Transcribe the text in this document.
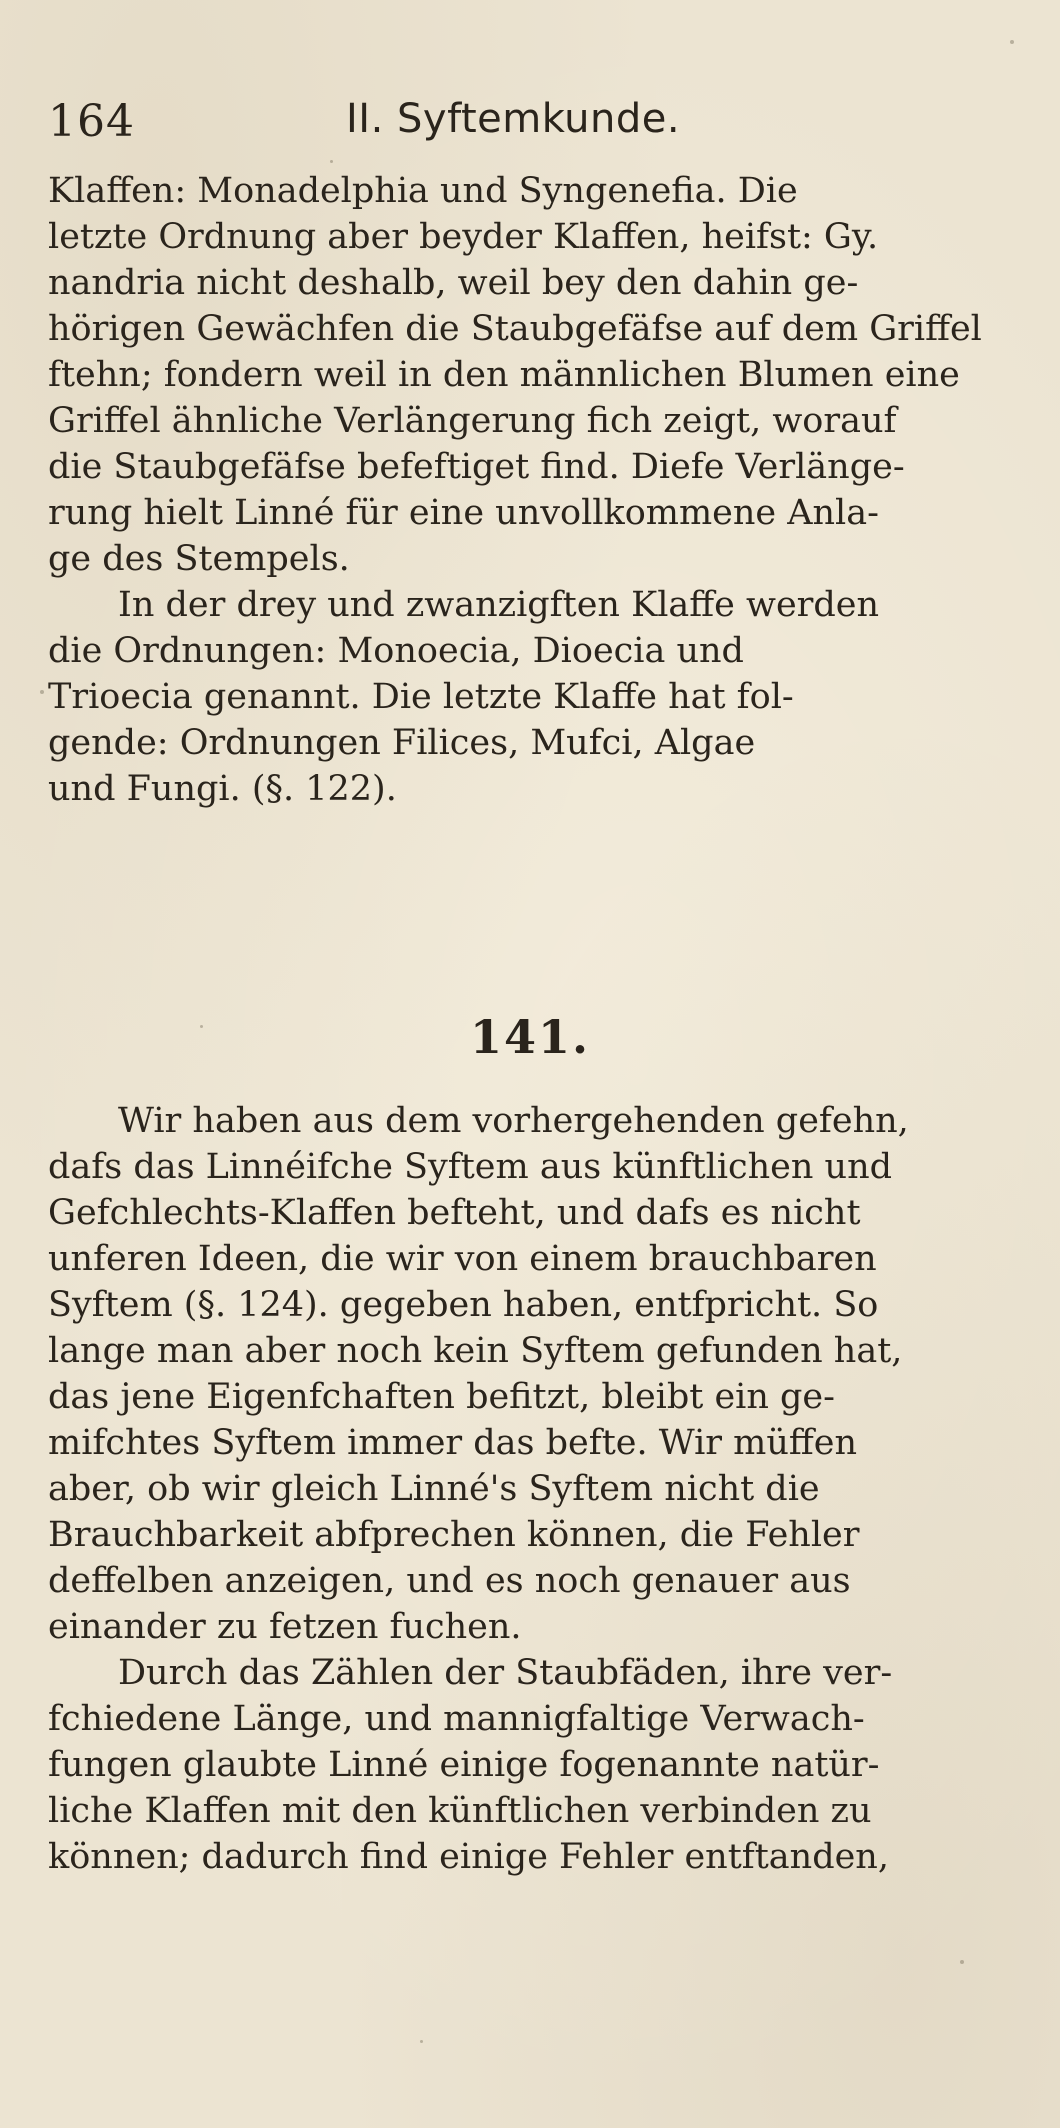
164	II. Syftemkunde.
Klaffen: Monadelphia und Syngenefia. Die
letzte Ordnung aber beyder Klaffen, heifst: Gy.
nandria nicht deshalb, weil bey den dahin ge-
hörigen Gewächfen die Staubgefäfse auf dem Griffel
ftehn; fondern weil in den männlichen Blumen eine
Griffel ähnliche Verlängerung fich zeigt, worauf
die Staubgefäfse befeftiget find. Diefe Verlänge-
rung hielt Linné für eine unvollkommene Anla-
ge des Stempels.
In der drey und zwanzigften Klaffe werden
die Ordnungen: Monoecia, Dioecia und
Trioecia genannt. Die letzte Klaffe hat fol-
gende: Ordnungen Filices, Mufci, Algae
und Fungi. (§. 122).
141.
Wir haben aus dem vorhergehenden gefehn,
dafs das Linnéifche Syftem aus künftlichen und
Gefchlechts-Klaffen befteht, und dafs es nicht
unferen Ideen, die wir von einem brauchbaren
Syftem (§. 124). gegeben haben, entfpricht. So
lange man aber noch kein Syftem gefunden hat,
das jene Eigenfchaften befitzt, bleibt ein ge-
mifchtes Syftem immer das befte. Wir müffen
aber, ob wir gleich Linné's Syftem nicht die
Brauchbarkeit abfprechen können, die Fehler
deffelben anzeigen, und es noch genauer aus
einander zu fetzen fuchen.
Durch das Zählen der Staubfäden, ihre ver-
fchiedene Länge, und mannigfaltige Verwach-
fungen glaubte Linné einige fogenannte natür-
liche Klaffen mit den künftlichen verbinden zu
können; dadurch find einige Fehler entftanden,
